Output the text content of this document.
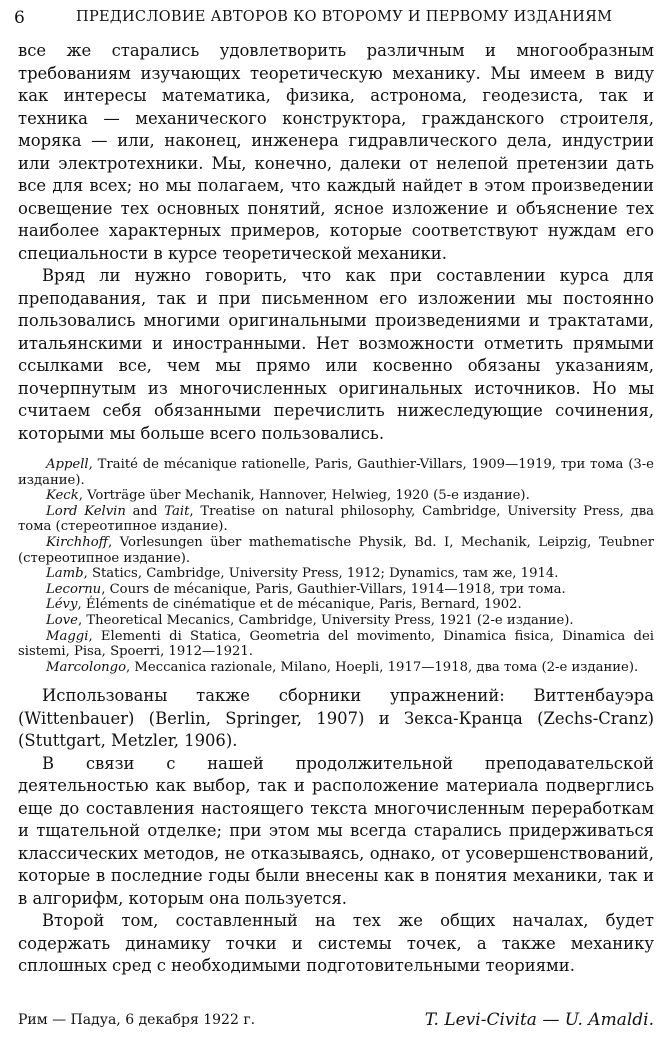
6	ПРЕДИСЛОВИЕ АВТОРОВ КО ВТОРОМУ И ПЕРВОМУ ИЗДАНИЯМ

все же старались удовлетворить различным и многообразным требованиям изучающих теоретическую механику. Мы имеем в виду как интересы математика, физика, астронома, геодезиста, так и техника — механического конструктора, гражданского строителя, моряка — или, наконец, инженера гидравлического дела, индустрии или электротехники. Мы, конечно, далеки от нелепой претензии дать все для всех; но мы полагаем, что каждый найдет в этом произведении освещение тех основных понятий, ясное изложение и объяснение тех наиболее характерных примеров, которые соответствуют нуждам его специальности в курсе теоретической механики.

Вряд ли нужно говорить, что как при составлении курса для преподавания, так и при письменном его изложении мы постоянно пользовались многими оригинальными произведениями и трактатами, итальянскими и иностранными. Нет возможности отметить прямыми ссылками все, чем мы прямо или косвенно обязаны указаниям, почерпнутым из многочисленных оригинальных источников. Но мы считаем себя обязанными перечислить нижеследующие сочинения, которыми мы больше всего пользовались.

Appell, Traité de mécanique rationelle, Paris, Gauthier-Villars, 1909—1919, три тома (3-е издание).

Keck, Vorträge über Mechanik, Hannover, Helwieg, 1920 (5-е издание).

Lord Kelvin and Tait, Treatise on natural philosophy, Cambridge, University Press, два тома (стереотипное издание).

Kirchhoff, Vorlesungen über mathematische Physik, Bd. I, Mechanik, Leipzig, Teubner (стереотипное издание).

Lamb, Statics, Cambridge, University Press, 1912; Dynamics, там же, 1914.

Lecornu, Cours de mécanique, Paris, Gauthier-Villars, 1914—1918, три тома.

Lévy, Éléments de cinématique et de mécanique, Paris, Bernard, 1902.

Love, Theoretical Mecanics, Cambridge, University Press, 1921 (2-е издание).

Maggi, Elementi di Statica, Geometria del movimento, Dinamica fisica, Dinamica dei sistemi, Pisa, Spoerri, 1912—1921.

Marcolongo, Meccanica razionale, Milano, Hoepli, 1917—1918, два тома (2-е издание).

Использованы также сборники упражнений: Виттенбауэра (Wittenbauer) (Berlin, Springer, 1907) и Зекса-Кранца (Zechs-Cranz) (Stuttgart, Metzler, 1906).

В связи с нашей продолжительной преподавательской деятельностью как выбор, так и расположение материала подверглись еще до составления настоящего текста многочисленным переработкам и тщательной отделке; при этом мы всегда старались придерживаться классических методов, не отказываясь, однако, от усовершенствований, которые в последние годы были внесены как в понятия механики, так и в алгорифм, которым она пользуется.

Второй том, составленный на тех же общих началах, будет содержать динамику точки и системы точек, а также механику сплошных сред с необходимыми подготовительными теориями.

Рим — Падуа, 6 декабря 1922 г.	T. Levi-Civita — U. Amaldi.
